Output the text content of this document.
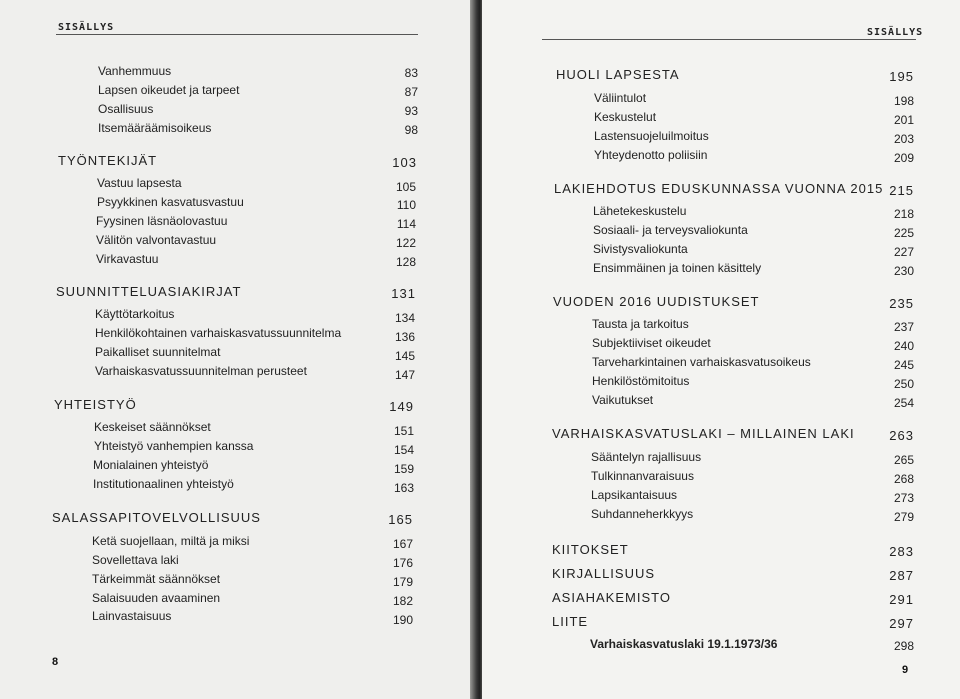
SISÄLLYS
Vanhemmuus	83
Lapsen oikeudet ja tarpeet	87
Osallisuus	93
Itsemääräämisoikeus	98
TYÖNTEKIJÄT	103
Vastuu lapsesta	105
Psyykkinen kasvatusvastuu	110
Fyysinen läsnäolovastuu	114
Välitön valvontavastuu	122
Virkavastuu	128
SUUNNITTELUASIAKIRJAT	131
Käyttötarkoitus	134
Henkilökohtainen varhaiskasvatussuunnitelma	136
Paikalliset suunnitelmat	145
Varhaiskasvatussuunnitelman perusteet	147
YHTEISTYÖ	149
Keskeiset säännökset	151
Yhteistyö vanhempien kanssa	154
Monialainen yhteistyö	159
Institutionaalinen yhteistyö	163
SALASSAPITOVELVOLLISUUS	165
Ketä suojellaan, miltä ja miksi	167
Sovellettava laki	176
Tärkeimmät säännökset	179
Salaisuuden avaaminen	182
Lainvastaisuus	190
8
SISÄLLYS
HUOLI LAPSESTA	195
Väliintulot	198
Keskustelut	201
Lastensuojeluilmoitus	203
Yhteydenotto poliisiin	209
LAKIEHDOTUS EDUSKUNNASSA VUONNA 2015 215
Lähetekeskustelu	218
Sosiaali- ja terveysvaliokunta	225
Sivistysvaliokunta	227
Ensimmäinen ja toinen käsittely	230
VUODEN 2016 UUDISTUKSET	235
Tausta ja tarkoitus	237
Subjektiiviset oikeudet	240
Tarveharkintainen varhaiskasvatusoikeus	245
Henkilöstömitoitus	250
Vaikutukset	254
VARHAISKASVATUSLAKI – MILLAINEN LAKI	263
Sääntelyn rajallisuus	265
Tulkinnanvaraisuus	268
Lapsikantaisuus	273
Suhdanneherkkyys	279
KIITOKSET	283
KIRJALLISUUS	287
ASIAHAKEMISTO	291
LIITE	297
Varhaiskasvatuslaki 19.1.1973/36	298
9
